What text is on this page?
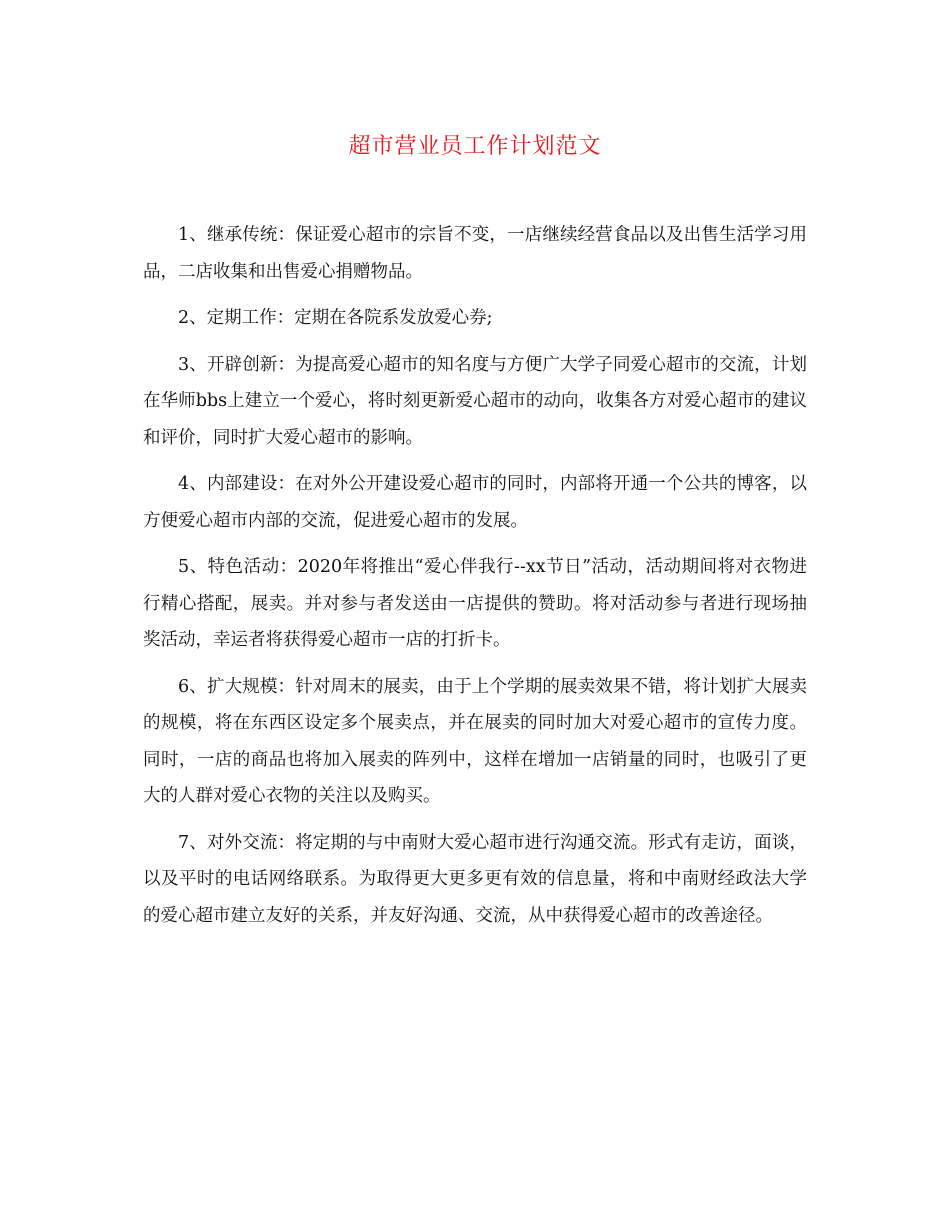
超市营业员工作计划范文

1、继承传统：保证爱心超市的宗旨不变，一店继续经营食品以及出售生活学习用品，二店收集和出售爱心捐赠物品。

2、定期工作：定期在各院系发放爱心券;

3、开辟创新：为提高爱心超市的知名度与方便广大学子同爱心超市的交流，计划在华师bbs上建立一个爱心，将时刻更新爱心超市的动向，收集各方对爱心超市的建议和评价，同时扩大爱心超市的影响。

4、内部建设：在对外公开建设爱心超市的同时，内部将开通一个公共的博客，以方便爱心超市内部的交流，促进爱心超市的发展。

5、特色活动：2020年将推出“爱心伴我行--xx节日”活动，活动期间将对衣物进行精心搭配，展卖。并对参与者发送由一店提供的赞助。将对活动参与者进行现场抽奖活动，幸运者将获得爱心超市一店的打折卡。

6、扩大规模：针对周末的展卖，由于上个学期的展卖效果不错，将计划扩大展卖的规模，将在东西区设定多个展卖点，并在展卖的同时加大对爱心超市的宣传力度。同时，一店的商品也将加入展卖的阵列中，这样在增加一店销量的同时，也吸引了更大的人群对爱心衣物的关注以及购买。

7、对外交流：将定期的与中南财大爱心超市进行沟通交流。形式有走访，面谈，以及平时的电话网络联系。为取得更大更多更有效的信息量，将和中南财经政法大学的爱心超市建立友好的关系，并友好沟通、交流，从中获得爱心超市的改善途径。
